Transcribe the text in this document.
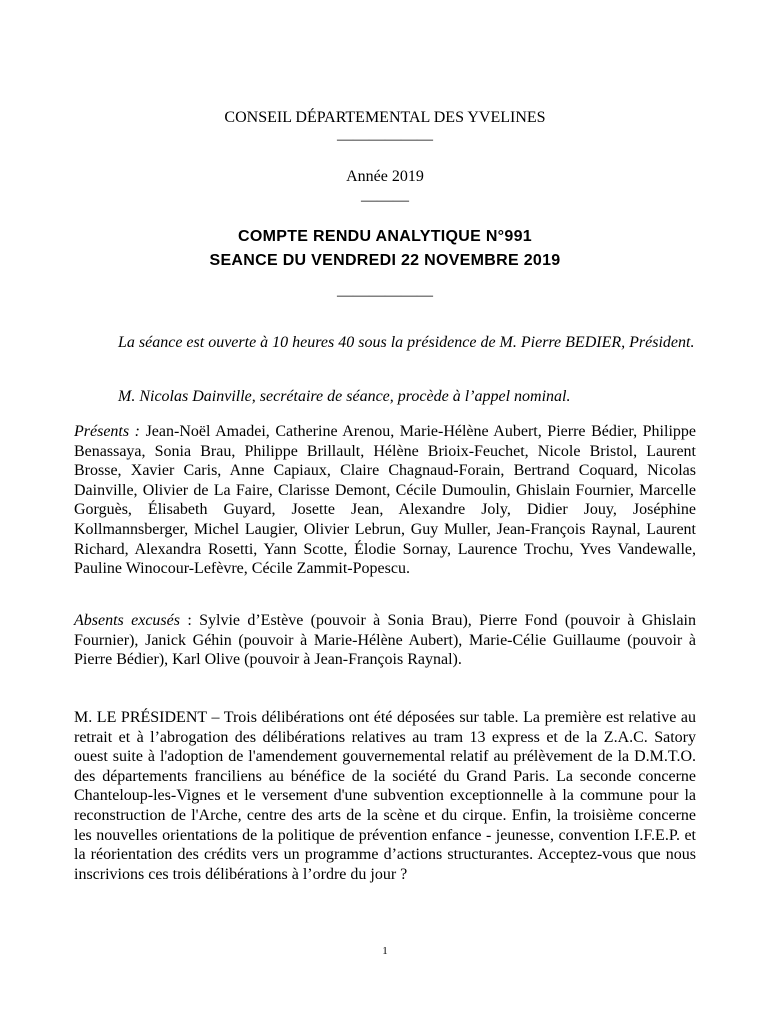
CONSEIL DÉPARTEMENTAL DES YVELINES
——————
Année 2019
———
COMPTE RENDU ANALYTIQUE N°991
SEANCE DU VENDREDI 22 NOVEMBRE 2019
——————
La séance est ouverte à 10 heures 40 sous la présidence de M. Pierre BEDIER, Président.
M. Nicolas Dainville, secrétaire de séance, procède à l’appel nominal.
Présents : Jean-Noël Amadei, Catherine Arenou, Marie-Hélène Aubert, Pierre Bédier, Philippe Benassaya, Sonia Brau, Philippe Brillault, Hélène Brioix-Feuchet, Nicole Bristol, Laurent Brosse, Xavier Caris, Anne Capiaux, Claire Chagnaud-Forain, Bertrand Coquard, Nicolas Dainville, Olivier de La Faire, Clarisse Demont, Cécile Dumoulin, Ghislain Fournier, Marcelle Gorguès, Élisabeth Guyard, Josette Jean, Alexandre Joly, Didier Jouy, Joséphine Kollmannsberger, Michel Laugier, Olivier Lebrun, Guy Muller, Jean-François Raynal, Laurent Richard, Alexandra Rosetti, Yann Scotte, Élodie Sornay, Laurence Trochu, Yves Vandewalle, Pauline Winocour-Lefèvre, Cécile Zammit-Popescu.
Absents excusés : Sylvie d’Estève (pouvoir à Sonia Brau), Pierre Fond (pouvoir à Ghislain Fournier), Janick Géhin (pouvoir à Marie-Hélène Aubert), Marie-Célie Guillaume (pouvoir à Pierre Bédier), Karl Olive (pouvoir à Jean-François Raynal).
M. LE PRÉSIDENT – Trois délibérations ont été déposées sur table. La première est relative au retrait et à l’abrogation des délibérations relatives au tram 13 express et de la Z.A.C. Satory ouest suite à l'adoption de l'amendement gouvernemental relatif au prélèvement de la D.M.T.O. des départements franciliens au bénéfice de la société du Grand Paris. La seconde concerne Chanteloup-les-Vignes et le versement d'une subvention exceptionnelle à la commune pour la reconstruction de l'Arche, centre des arts de la scène et du cirque. Enfin, la troisième concerne les nouvelles orientations de la politique de prévention enfance - jeunesse, convention I.F.E.P. et la réorientation des crédits vers un programme d’actions structurantes. Acceptez-vous que nous inscrivions ces trois délibérations à l’ordre du jour ?
1
